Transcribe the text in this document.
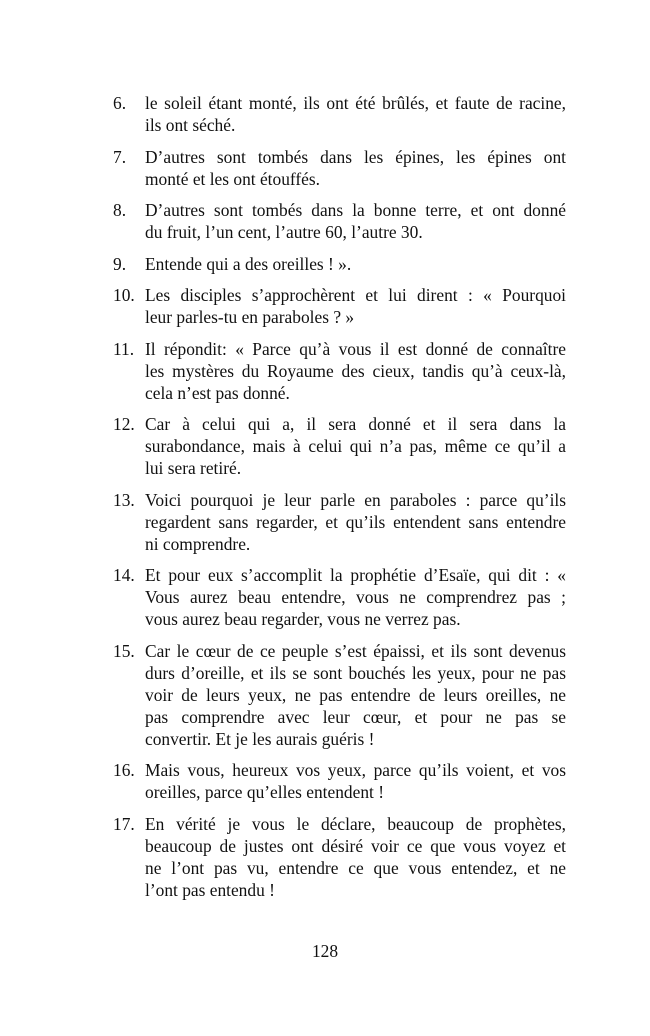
6.	le soleil étant monté, ils ont été brûlés, et faute de racine,
ils ont séché.
7.	D’autres sont tombés dans les épines, les épines ont
monté et les ont étouffés.
8.	D’autres sont tombés dans la bonne terre, et ont donné
du fruit, l’un cent, l’autre 60, l’autre 30.
9.	Entende qui a des oreilles ! ».
10. Les disciples s’approchèrent et lui dirent : « Pourquoi
leur parles-tu en paraboles ? »
11. Il répondit: « Parce qu’à vous il est donné de connaître
les mystères du Royaume des cieux, tandis qu’à ceux-là,
cela n’est pas donné.
12. Car à celui qui a, il sera donné et il sera dans la
surabondance, mais à celui qui n’a pas, même ce qu’il a
lui sera retiré.
13. Voici pourquoi je leur parle en paraboles : parce qu’ils
regardent sans regarder, et qu’ils entendent sans entendre
ni comprendre.
14. Et pour eux s’accomplit la prophétie d’Esaïe, qui dit : «
Vous aurez beau entendre, vous ne comprendrez pas ;
vous aurez beau regarder, vous ne verrez pas.
15. Car le cœur de ce peuple s’est épaissi, et ils sont devenus
durs d’oreille, et ils se sont bouchés les yeux, pour ne pas
voir de leurs yeux, ne pas entendre de leurs oreilles, ne
pas comprendre avec leur cœur, et pour ne pas se
convertir. Et je les aurais guéris !
16. Mais vous, heureux vos yeux, parce qu’ils voient, et vos
oreilles, parce qu’elles entendent !
17. En vérité je vous le déclare, beaucoup de prophètes,
beaucoup de justes ont désiré voir ce que vous voyez et
ne l’ont pas vu, entendre ce que vous entendez, et ne
l’ont pas entendu !
128
